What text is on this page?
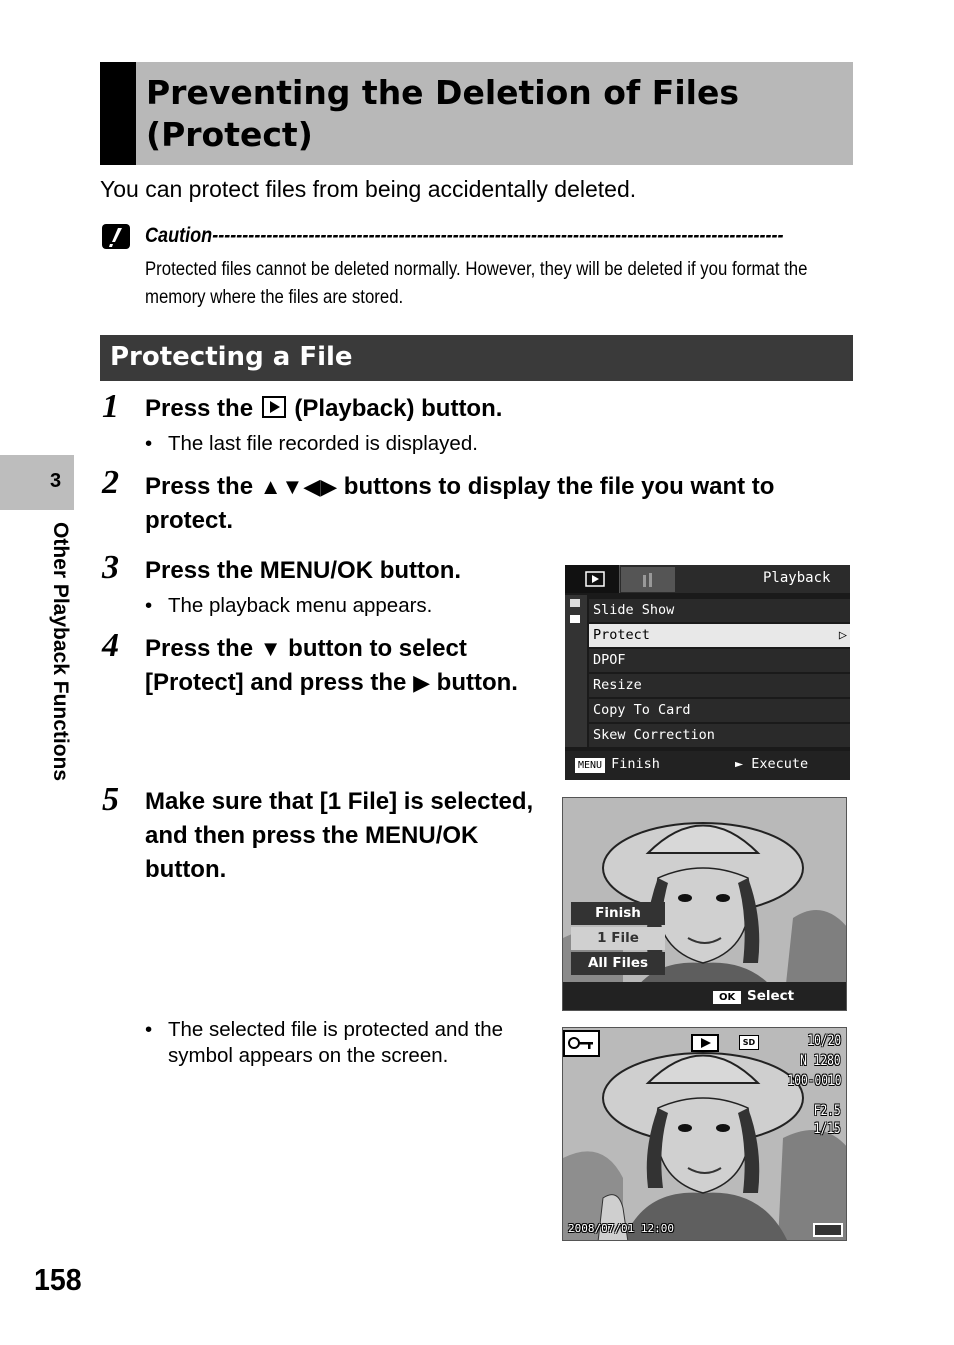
Preventing the Deletion of Files
(Protect)
You can protect files from being accidentally deleted.
Caution-----------------------------------------------------------------------------------------------
Protected files cannot be deleted normally. However, they will be deleted if you format the memory where the files are stored.
Protecting a File
1 Press the  (Playback) button.
• The last file recorded is displayed.
2 Press the ▲▼◀▶ buttons to display the file you want to protect.
3 Press the MENU/OK button.
• The playback menu appears.
4 Press the ▼ button to select [Protect] and press the ▶ button.
5 Make sure that [1 File] is selected, and then press the MENU/OK button.
• The selected file is protected and the symbol appears on the screen.
3
Other Playback Functions
158
Playback
Slide Show
Protect	▷
DPOF
Resize
Copy To Card
Skew Correction
MENU Finish	► Execute
Finish
1 File
All Files
OK Select
SD	10/20
N 1280
100-0010
F2.5
1/15
2008/07/01 12:00
